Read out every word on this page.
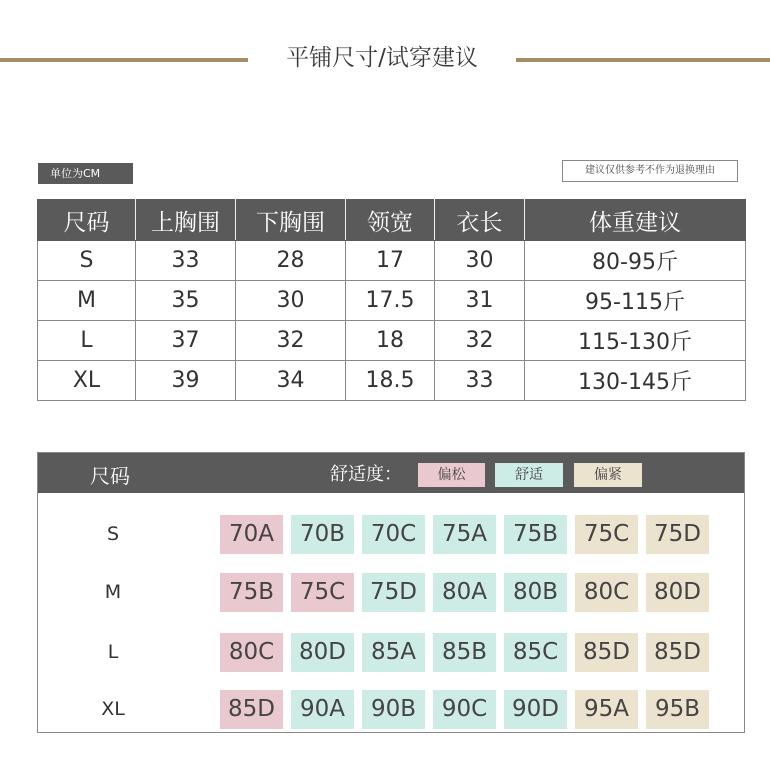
平铺尺寸/试穿建议
单位为CM	建议仅供参考不作为退换理由
尺码	上胸围	下胸围	领宽	衣长	体重建议
S	33	28	17	30	80-95斤
M	35	30	17.5	31	95-115斤
L	37	32	18	32	115-130斤
XL	39	34	18.5	33	130-145斤
尺码	舒适度：	偏松	舒适	偏紧
S	70A	70B	70C	75A	75B	75C	75D
M	75B	75C	75D	80A	80B	80C	80D
L	80C	80D	85A	85B	85C	85D	85D
XL	85D	90A	90B	90C	90D	95A	95B
